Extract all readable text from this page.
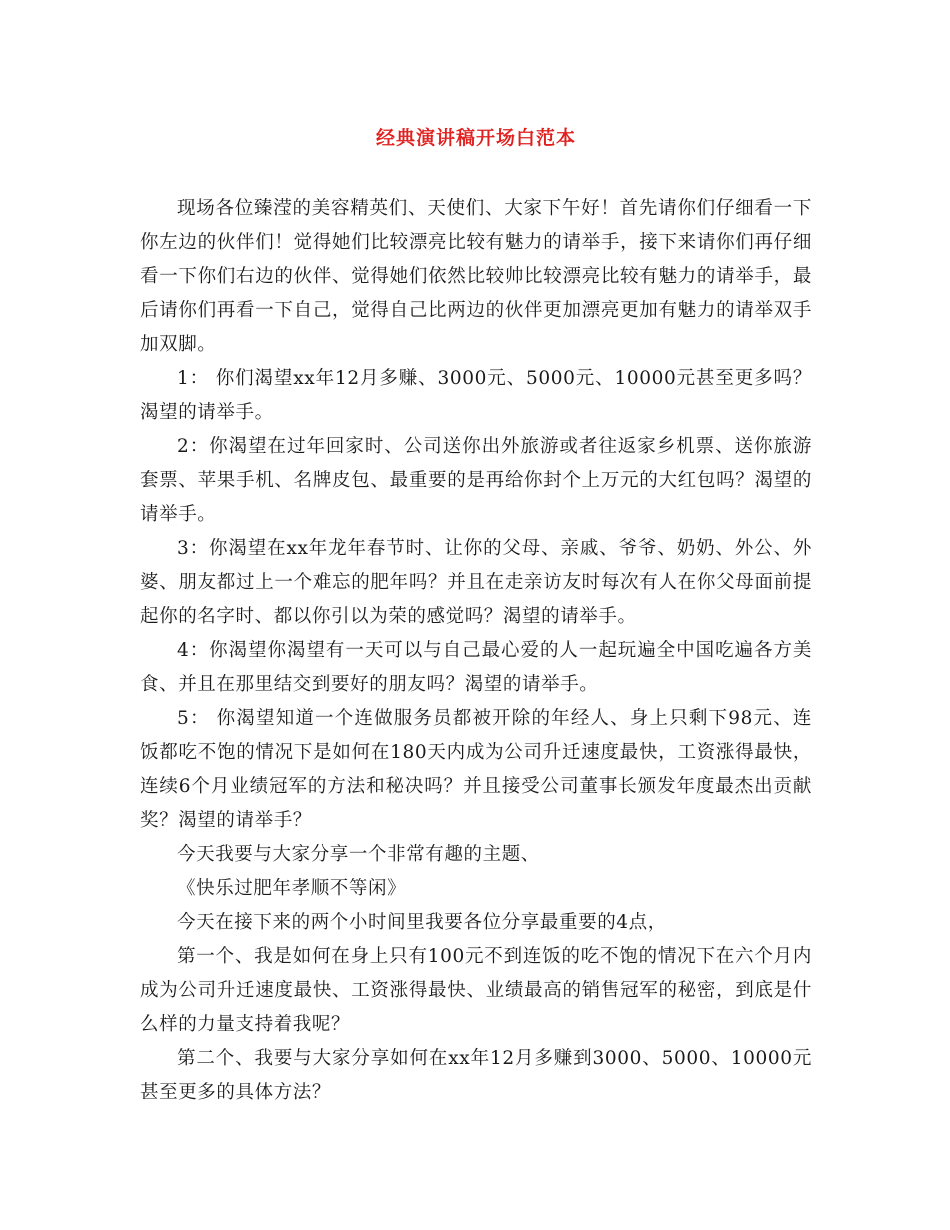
经典演讲稿开场白范本

现场各位臻滢的美容精英们、天使们、大家下午好！首先请你们仔细看一下你左边的伙伴们！觉得她们比较漂亮比较有魅力的请举手，接下来请你们再仔细看一下你们右边的伙伴、觉得她们依然比较帅比较漂亮比较有魅力的请举手，最后请你们再看一下自己，觉得自己比两边的伙伴更加漂亮更加有魅力的请举双手加双脚。

1： 你们渴望xx年12月多赚、3000元、5000元、10000元甚至更多吗？渴望的请举手。

2：你渴望在过年回家时、公司送你出外旅游或者往返家乡机票、送你旅游套票、苹果手机、名牌皮包、最重要的是再给你封个上万元的大红包吗？渴望的请举手。

3：你渴望在xx年龙年春节时、让你的父母、亲戚、爷爷、奶奶、外公、外婆、朋友都过上一个难忘的肥年吗？并且在走亲访友时每次有人在你父母面前提起你的名字时、都以你引以为荣的感觉吗？渴望的请举手。

4：你渴望你渴望有一天可以与自己最心爱的人一起玩遍全中国吃遍各方美食、并且在那里结交到要好的朋友吗？渴望的请举手。

5： 你渴望知道一个连做服务员都被开除的年经人、身上只剩下98元、连饭都吃不饱的情况下是如何在180天内成为公司升迁速度最快，工资涨得最快，连续6个月业绩冠军的方法和秘决吗？并且接受公司董事长颁发年度最杰出贡献奖？渴望的请举手？

今天我要与大家分享一个非常有趣的主题、

《快乐过肥年孝顺不等闲》

今天在接下来的两个小时间里我要各位分享最重要的4点，

第一个、我是如何在身上只有100元不到连饭的吃不饱的情况下在六个月内成为公司升迁速度最快、工资涨得最快、业绩最高的销售冠军的秘密，到底是什么样的力量支持着我呢？

第二个、我要与大家分享如何在xx年12月多赚到3000、5000、10000元甚至更多的具体方法？
